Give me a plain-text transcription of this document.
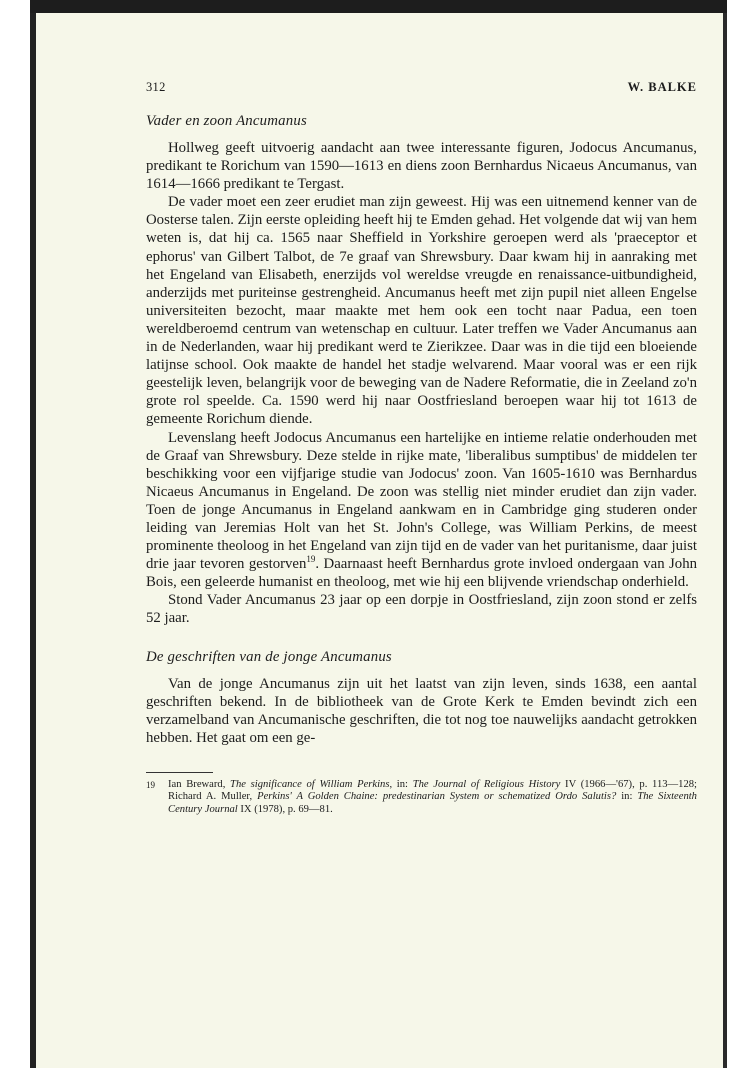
312	W. BALKE
Vader en zoon Ancumanus

Hollweg geeft uitvoerig aandacht aan twee interessante figuren, Jodocus Ancumanus, predikant te Rorichum van 1590—1613 en diens zoon Bernhardus Nicaeus Ancumanus, van 1614—1666 predikant te Tergast.

De vader moet een zeer erudiet man zijn geweest. Hij was een uitnemend kenner van de Oosterse talen. Zijn eerste opleiding heeft hij te Emden gehad. Het volgende dat wij van hem weten is, dat hij ca. 1565 naar Sheffield in Yorkshire geroepen werd als 'praeceptor et ephorus' van Gilbert Talbot, de 7e graaf van Shrewsbury. Daar kwam hij in aanraking met het Engeland van Elisabeth, enerzijds vol wereldse vreugde en renaissance-uitbundigheid, anderzijds met puriteinse gestrengheid. Ancumanus heeft met zijn pupil niet alleen Engelse universiteiten bezocht, maar maakte met hem ook een tocht naar Padua, een toen wereldberoemd centrum van wetenschap en cultuur. Later treffen we Vader Ancumanus aan in de Nederlanden, waar hij predikant werd te Zierikzee. Daar was in die tijd een bloeiende latijnse school. Ook maakte de handel het stadje welvarend. Maar vooral was er een rijk geestelijk leven, belangrijk voor de beweging van de Nadere Reformatie, die in Zeeland zo'n grote rol speelde. Ca. 1590 werd hij naar Oostfriesland beroepen waar hij tot 1613 de gemeente Rorichum diende.

Levenslang heeft Jodocus Ancumanus een hartelijke en intieme relatie onderhouden met de Graaf van Shrewsbury. Deze stelde in rijke mate, 'liberalibus sumptibus' de middelen ter beschikking voor een vijfjarige studie van Jodocus' zoon. Van 1605-1610 was Bernhardus Nicaeus Ancumanus in Engeland. De zoon was stellig niet minder erudiet dan zijn vader. Toen de jonge Ancumanus in Engeland aankwam en in Cambridge ging studeren onder leiding van Jeremias Holt van het St. John's College, was William Perkins, de meest prominente theoloog in het Engeland van zijn tijd en de vader van het puritanisme, daar juist drie jaar tevoren gestorven$^{19}$. Daarnaast heeft Bernhardus grote invloed ondergaan van John Bois, een geleerde humanist en theoloog, met wie hij een blijvende vriendschap onderhield.

Stond Vader Ancumanus 23 jaar op een dorpje in Oostfriesland, zijn zoon stond er zelfs 52 jaar.

De geschriften van de jonge Ancumanus

Van de jonge Ancumanus zijn uit het laatst van zijn leven, sinds 1638, een aantal geschriften bekend. In de bibliotheek van de Grote Kerk te Emden bevindt zich een verzamelband van Ancumanische geschriften, die tot nog toe nauwelijks aandacht getrokken hebben. Het gaat om een ge-

19	Ian Breward, The significance of William Perkins, in: The Journal of Religious History IV (1966—'67), p. 113—128; Richard A. Muller, Perkins' A Golden Chaine: predestinarian System or schematized Ordo Salutis? in: The Sixteenth Century Journal IX (1978), p. 69—81.
